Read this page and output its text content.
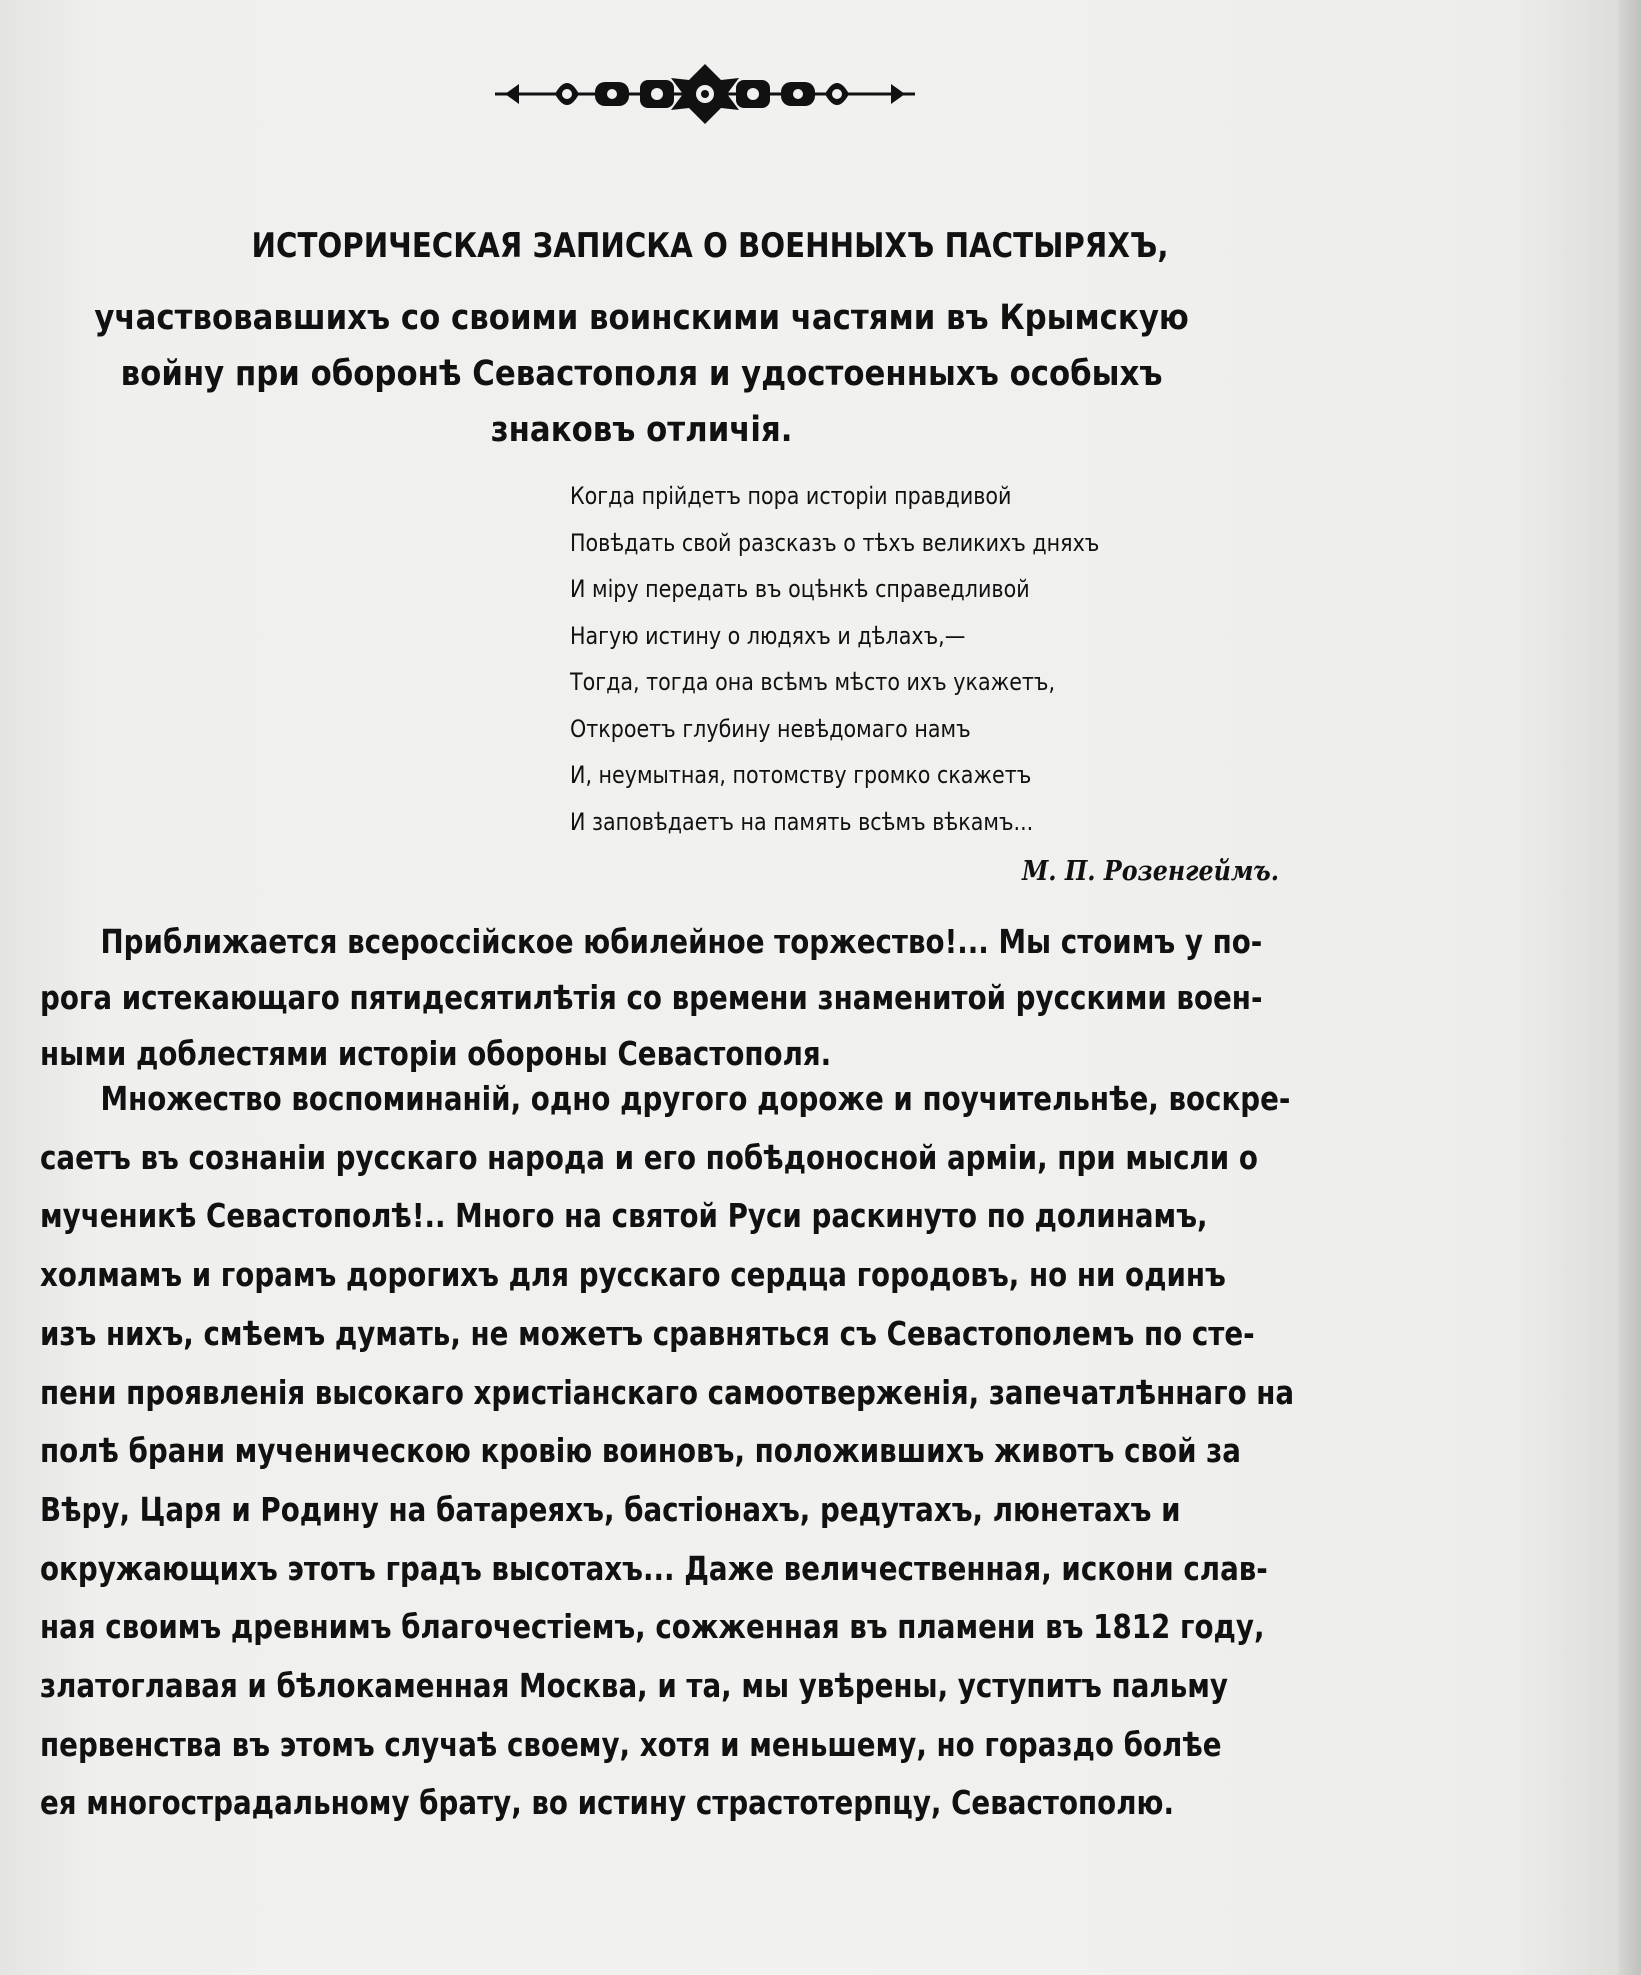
ИСТОРИЧЕСКАЯ ЗАПИСКА О ВОЕННЫХЪ ПАСТЫРЯХЪ,
участвовавшихъ со своими воинскими частями въ Крымскую
войну при оборонѣ Севастополя и удостоенныхъ особыхъ
знаковъ отличія.
Когда прійдетъ пора исторіи правдивой
Повѣдать свой разсказъ о тѣхъ великихъ дняхъ
И міру передать въ оцѣнкѣ справедливой
Нагую истину о людяхъ и дѣлахъ,—
Тогда, тогда она всѣмъ мѣсто ихъ укажетъ,
Откроетъ глубину невѣдомаго намъ
И, неумытная, потомству громко скажетъ
И заповѣдаетъ на память всѣмъ вѣкамъ...
М. П. Розенгеймъ.
Приближается всероссійское юбилейное торжество!... Мы стоимъ у по-
рога истекающаго пятидесятилѣтія со времени знаменитой русскими воен-
ными доблестями исторіи обороны Севастополя.
Множество воспоминаній, одно другого дороже и поучительнѣе, воскре-
саетъ въ сознаніи русскаго народа и его побѣдоносной арміи, при мысли о
мученикѣ Севастополѣ!.. Много на святой Руси раскинуто по долинамъ,
холмамъ и горамъ дорогихъ для русскаго сердца городовъ, но ни одинъ
изъ нихъ, смѣемъ думать, не можетъ сравняться съ Севастополемъ по сте-
пени проявленія высокаго христіанскаго самоотверженія, запечатлѣннаго на
полѣ брани мученическою кровію воиновъ, положившихъ животъ свой за
Вѣру, Царя и Родину на батареяхъ, бастіонахъ, редутахъ, люнетахъ и
окружающихъ этотъ градъ высотахъ... Даже величественная, искони слав-
ная своимъ древнимъ благочестіемъ, сожженная въ пламени въ 1812 году,
златоглавая и бѣлокаменная Москва, и та, мы увѣрены, уступитъ пальму
первенства въ этомъ случаѣ своему, хотя и меньшему, но гораздо болѣе
ея многострадальному брату, во истину страстотерпцу, Севастополю.
